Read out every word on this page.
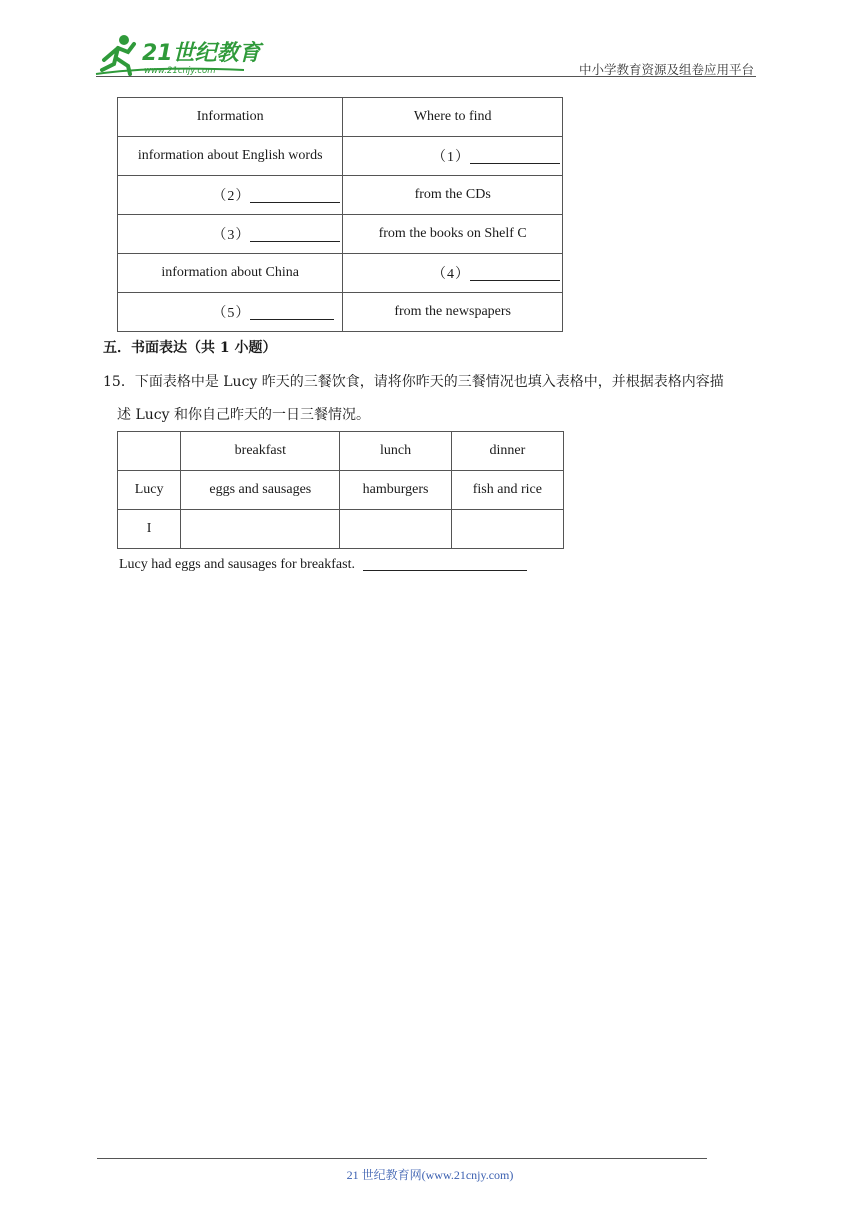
21世纪教育
www.21cnjy.com	中小学教育资源及组卷应用平台
Information	Where to find
information about English words	（1）
（2）	from the CDs
（3）	from the books on Shelf C
information about China	（4）
（5）	from the newspapers
五．书面表达（共 1 小题）
15．下面表格中是 Lucy 昨天的三餐饮食，请将你昨天的三餐情况也填入表格中，并根据表格内容描
述 Lucy 和你自己昨天的一日三餐情况。
	breakfast	lunch	dinner
Lucy	eggs and sausages	hamburgers	fish and rice
I			
Lucy had eggs and sausages for breakfast.
21 世纪教育网(www.21cnjy.com)
